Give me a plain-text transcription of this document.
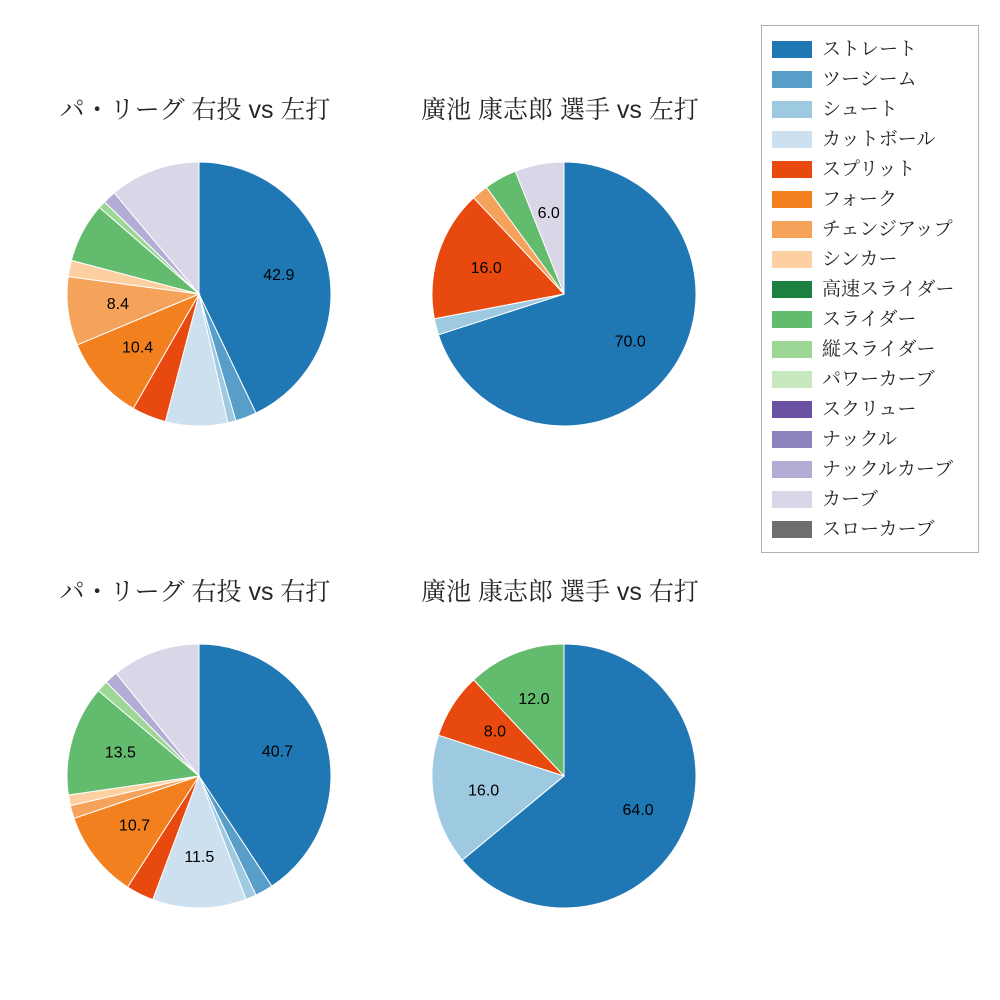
パ・リーグ 右投 vs 左打
42.9
10.4
8.4
廣池 康志郎 選手 vs 左打
70.0
16.0
6.0
パ・リーグ 右投 vs 右打
40.7
11.5
10.7
13.5
廣池 康志郎 選手 vs 右打
64.0
16.0
8.0
12.0
ストレート
ツーシーム
シュート
カットボール
スプリット
フォーク
チェンジアップ
シンカー
高速スライダー
スライダー
縦スライダー
パワーカーブ
スクリュー
ナックル
ナックルカーブ
カーブ
スローカーブ
